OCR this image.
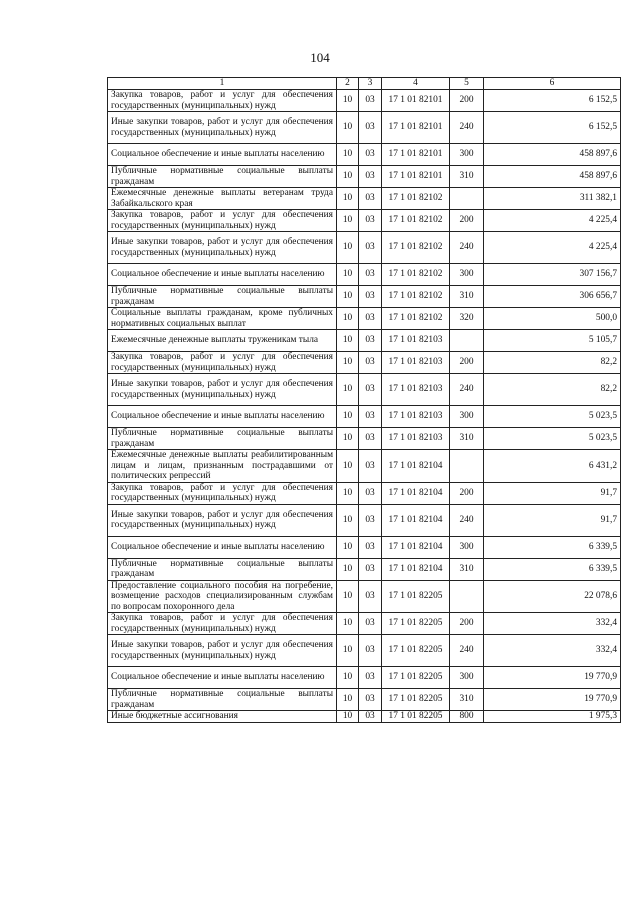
104
1	2	3	4	5	6
Закупка товаров, работ и услуг для обеспечения государственных (муниципальных) нужд	10	03	17 1 01 82101	200	6 152,5
Иные закупки товаров, работ и услуг для обеспечения государственных (муниципальных) нужд	10	03	17 1 01 82101	240	6 152,5
Социальное обеспечение и иные выплаты населению	10	03	17 1 01 82101	300	458 897,6
Публичные нормативные социальные выплаты гражданам	10	03	17 1 01 82101	310	458 897,6
Ежемесячные денежные выплаты ветеранам труда Забайкальского края	10	03	17 1 01 82102		311 382,1
Закупка товаров, работ и услуг для обеспечения государственных (муниципальных) нужд	10	03	17 1 01 82102	200	4 225,4
Иные закупки товаров, работ и услуг для обеспечения государственных (муниципальных) нужд	10	03	17 1 01 82102	240	4 225,4
Социальное обеспечение и иные выплаты населению	10	03	17 1 01 82102	300	307 156,7
Публичные нормативные социальные выплаты гражданам	10	03	17 1 01 82102	310	306 656,7
Социальные выплаты гражданам, кроме публичных нормативных социальных выплат	10	03	17 1 01 82102	320	500,0
Ежемесячные денежные выплаты труженикам тыла	10	03	17 1 01 82103		5 105,7
Закупка товаров, работ и услуг для обеспечения государственных (муниципальных) нужд	10	03	17 1 01 82103	200	82,2
Иные закупки товаров, работ и услуг для обеспечения государственных (муниципальных) нужд	10	03	17 1 01 82103	240	82,2
Социальное обеспечение и иные выплаты населению	10	03	17 1 01 82103	300	5 023,5
Публичные нормативные социальные выплаты гражданам	10	03	17 1 01 82103	310	5 023,5
Ежемесячные денежные выплаты реабилитированным лицам и лицам, признанным пострадавшими от политических репрессий	10	03	17 1 01 82104		6 431,2
Закупка товаров, работ и услуг для обеспечения государственных (муниципальных) нужд	10	03	17 1 01 82104	200	91,7
Иные закупки товаров, работ и услуг для обеспечения государственных (муниципальных) нужд	10	03	17 1 01 82104	240	91,7
Социальное обеспечение и иные выплаты населению	10	03	17 1 01 82104	300	6 339,5
Публичные нормативные социальные выплаты гражданам	10	03	17 1 01 82104	310	6 339,5
Предоставление социального пособия на погребение, возмещение расходов специализированным службам по вопросам похоронного дела	10	03	17 1 01 82205		22 078,6
Закупка товаров, работ и услуг для обеспечения государственных (муниципальных) нужд	10	03	17 1 01 82205	200	332,4
Иные закупки товаров, работ и услуг для обеспечения государственных (муниципальных) нужд	10	03	17 1 01 82205	240	332,4
Социальное обеспечение и иные выплаты населению	10	03	17 1 01 82205	300	19 770,9
Публичные нормативные социальные выплаты гражданам	10	03	17 1 01 82205	310	19 770,9
Иные бюджетные ассигнования	10	03	17 1 01 82205	800	1 975,3
